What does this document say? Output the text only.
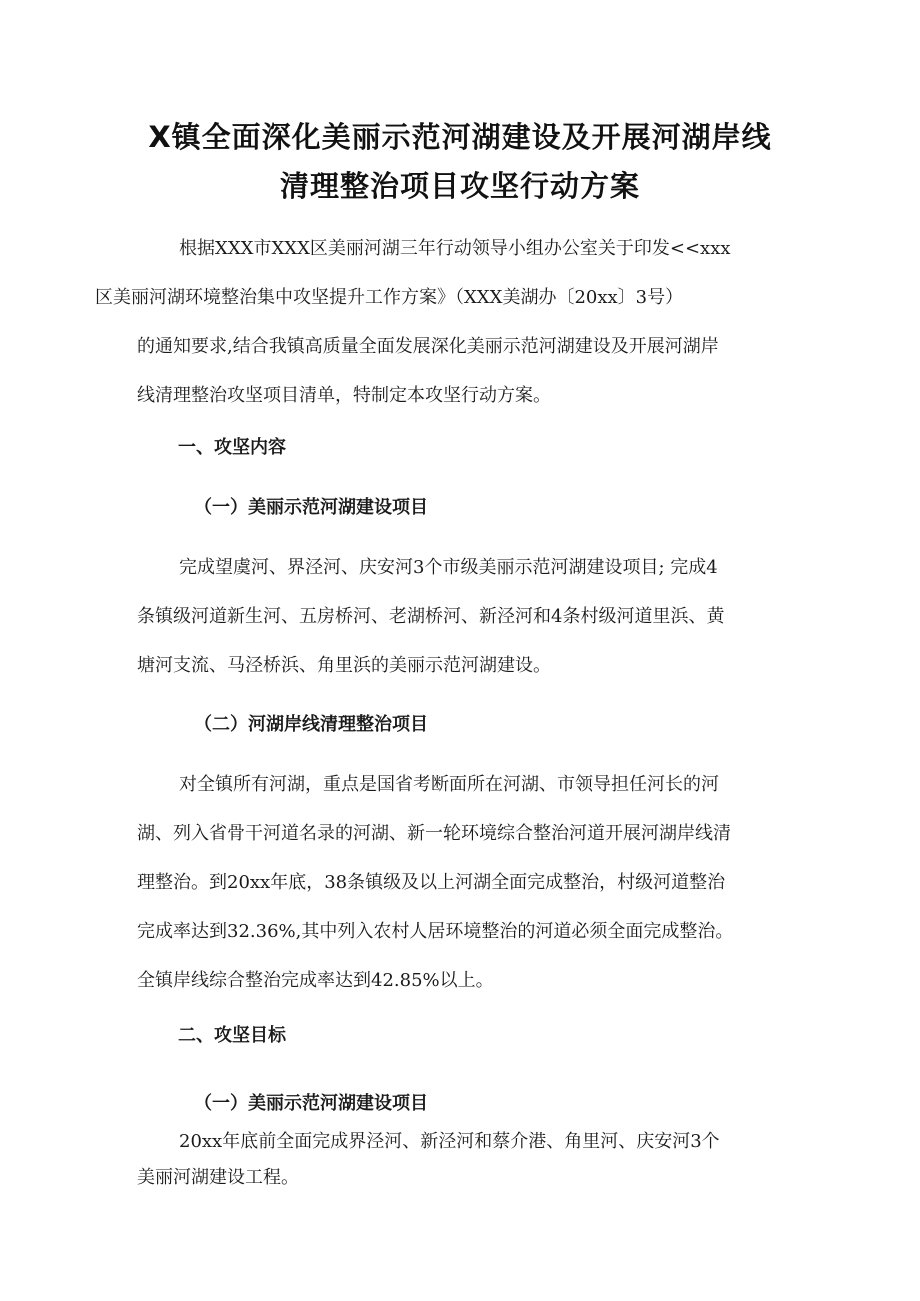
X镇全面深化美丽示范河湖建设及开展河湖岸线
清理整治项目攻坚行动方案

根据XXX市XXX区美丽河湖三年行动领导小组办公室关于印发<<xxx
区美丽河湖环境整治集中攻坚提升工作方案》（XXX美湖办〔20xx〕3号）
的通知要求,结合我镇高质量全面发展深化美丽示范河湖建设及开展河湖岸
线清理整治攻坚项目清单，特制定本攻坚行动方案。

一、攻坚内容
（一）美丽示范河湖建设项目

完成望虞河、界泾河、庆安河3个市级美丽示范河湖建设项目; 完成4
条镇级河道新生河、五房桥河、老湖桥河、新泾河和4条村级河道里浜、黄
塘河支流、马泾桥浜、角里浜的美丽示范河湖建设。

（二）河湖岸线清理整治项目

对全镇所有河湖，重点是国省考断面所在河湖、市领导担任河长的河
湖、列入省骨干河道名录的河湖、新一轮环境综合整治河道开展河湖岸线清
理整治。到20xx年底，38条镇级及以上河湖全面完成整治，村级河道整治
完成率达到32.36%,其中列入农村人居环境整治的河道必须全面完成整治。
全镇岸线综合整治完成率达到42.85%以上。

二、攻坚目标
（一）美丽示范河湖建设项目

20xx年底前全面完成界泾河、新泾河和蔡介港、角里河、庆安河3个
美丽河湖建设工程。
